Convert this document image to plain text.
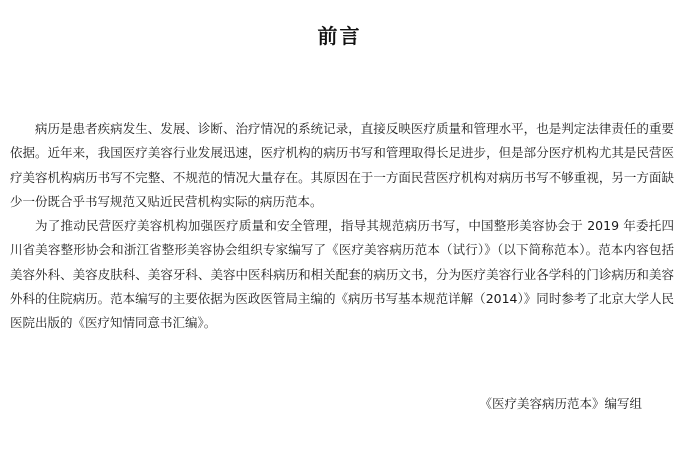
前言

病历是患者疾病发生、发展、诊断、治疗情况的系统记录，直接反映医疗质量和管理水平，也是判定法律责任的重要依据。近年来，我国医疗美容行业发展迅速，医疗机构的病历书写和管理取得长足进步，但是部分医疗机构尤其是民营医疗美容机构病历书写不完整、不规范的情况大量存在。其原因在于一方面民营医疗机构对病历书写不够重视，另一方面缺少一份既合乎书写规范又贴近民营机构实际的病历范本。

为了推动民营医疗美容机构加强医疗质量和安全管理，指导其规范病历书写，中国整形美容协会于 2019 年委托四川省美容整形协会和浙江省整形美容协会组织专家编写了《医疗美容病历范本（试行）》（以下简称范本）。范本内容包括美容外科、美容皮肤科、美容牙科、美容中医科病历和相关配套的病历文书，分为医疗美容行业各学科的门诊病历和美容外科的住院病历。范本编写的主要依据为医政医管局主编的《病历书写基本规范详解（2014）》同时参考了北京大学人民医院出版的《医疗知情同意书汇编》。

《医疗美容病历范本》编写组
